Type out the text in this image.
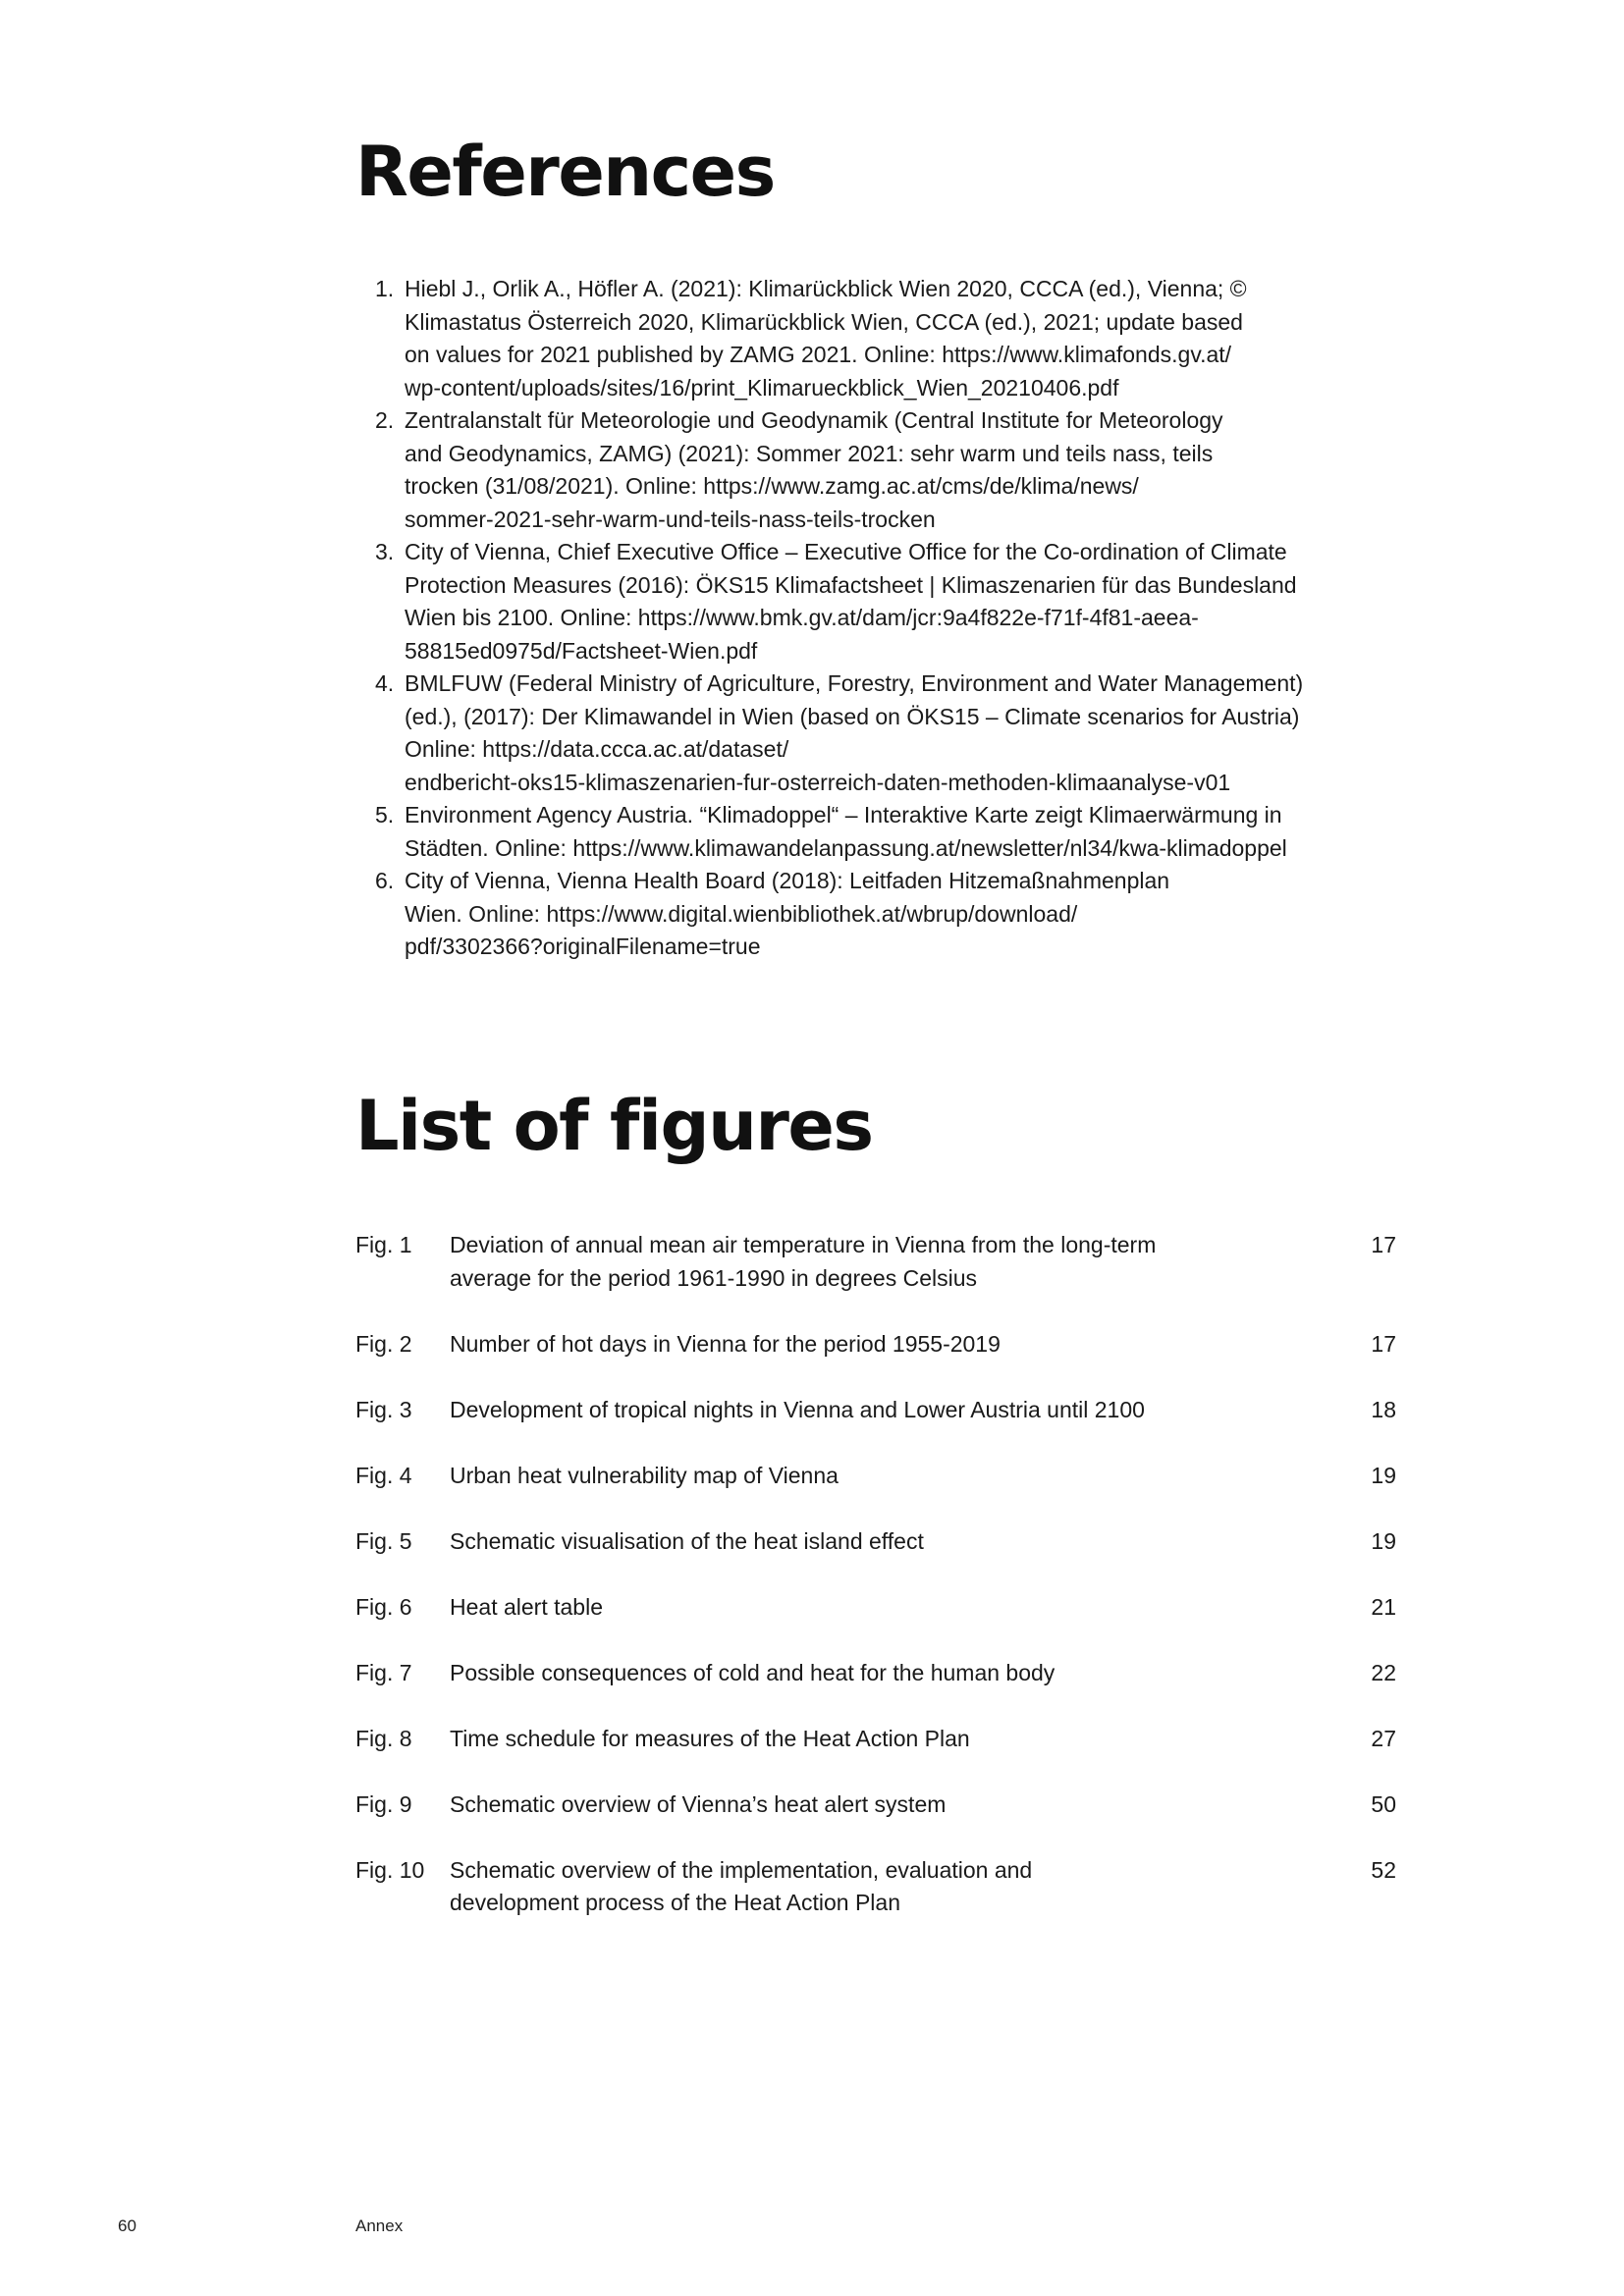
References
1. Hiebl J., Orlik A., Höfler A. (2021): Klimarückblick Wien 2020, CCCA (ed.), Vienna; ©
Klimastatus Österreich 2020, Klimarückblick Wien, CCCA (ed.), 2021; update based
on values for 2021 published by ZAMG 2021. Online: https://www.klimafonds.gv.at/
wp-content/uploads/sites/16/print_Klimarueckblick_Wien_20210406.pdf
2. Zentralanstalt für Meteorologie und Geodynamik (Central Institute for Meteorology
and Geodynamics, ZAMG) (2021): Sommer 2021: sehr warm und teils nass, teils
trocken (31/08/2021). Online: https://www.zamg.ac.at/cms/de/klima/news/
sommer-2021-sehr-warm-und-teils-nass-teils-trocken
3. City of Vienna, Chief Executive Office – Executive Office for the Co-ordination of Climate
Protection Measures (2016): ÖKS15 Klimafactsheet | Klimaszenarien für das Bundesland
Wien bis 2100. Online: https://www.bmk.gv.at/dam/jcr:9a4f822e-f71f-4f81-aeea-
58815ed0975d/Factsheet-Wien.pdf
4. BMLFUW (Federal Ministry of Agriculture, Forestry, Environment and Water Management)
(ed.), (2017): Der Klimawandel in Wien (based on ÖKS15 – Climate scenarios for Austria)
Online: https://data.ccca.ac.at/dataset/
endbericht-oks15-klimaszenarien-fur-osterreich-daten-methoden-klimaanalyse-v01
5. Environment Agency Austria. “Klimadoppel“ – Interaktive Karte zeigt Klimaerwärmung in
Städten. Online: https://www.klimawandelanpassung.at/newsletter/nl34/kwa-klimadoppel
6. City of Vienna, Vienna Health Board (2018): Leitfaden Hitzemaßnahmenplan
Wien. Online: https://www.digital.wienbibliothek.at/wbrup/download/
pdf/3302366?originalFilename=true
List of figures
Fig. 1	Deviation of annual mean air temperature in Vienna from the long-term
average for the period 1961-1990 in degrees Celsius
17
Fig. 2	Number of hot days in Vienna for the period 1955-2019	17
Fig. 3	Development of tropical nights in Vienna and Lower Austria until 2100	18
Fig. 4	Urban heat vulnerability map of Vienna	19
Fig. 5	Schematic visualisation of the heat island effect	19
Fig. 6	Heat alert table	21
Fig. 7	Possible consequences of cold and heat for the human body	22
Fig. 8	Time schedule for measures of the Heat Action Plan	27
Fig. 9	Schematic overview of Vienna’s heat alert system	50
Fig. 10	Schematic overview of the implementation, evaluation and
development process of the Heat Action Plan
52
60	Annex
